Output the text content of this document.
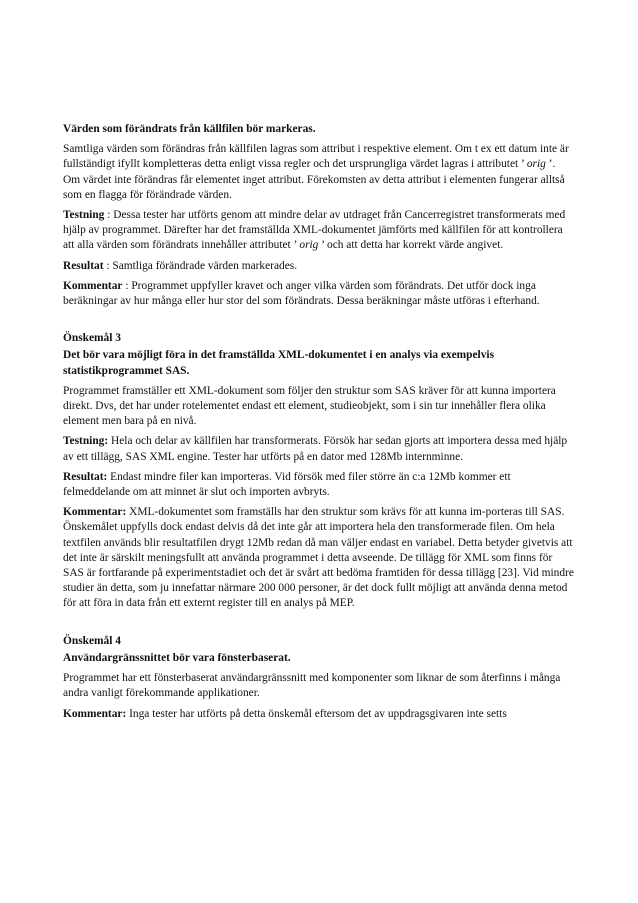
Värden som förändrats från källfilen bör markeras.

Samtliga värden som förändras från källfilen lagras som attribut i respektive element. Om t ex ett datum inte är fullständigt ifyllt kompletteras detta enligt vissa regler och det ursprungliga värdet lagras i attributet ’ orig ’. Om värdet inte förändras får elementet inget attribut. Förekomsten av detta attribut i elementen fungerar alltså som en flagga för förändrade värden.

Testning : Dessa tester har utförts genom att mindre delar av utdraget från Cancerregistret transformerats med hjälp av programmet. Därefter har det framställda XML-dokumentet jämförts med källfilen för att kontrollera att alla värden som förändrats innehåller attributet ’ orig ’ och att detta har korrekt värde angivet.

Resultat : Samtliga förändrade värden markerades.

Kommentar : Programmet uppfyller kravet och anger vilka värden som förändrats. Det utför dock inga beräkningar av hur många eller hur stor del som förändrats. Dessa beräkningar måste utföras i efterhand.

Önskemål 3

Det bör vara möjligt föra in det framställda XML-dokumentet i en analys via exempelvis statistikprogrammet SAS.

Programmet framställer ett XML-dokument som följer den struktur som SAS kräver för att kunna importera direkt. Dvs, det har under rotelementet endast ett element, studieobjekt, som i sin tur innehåller flera olika element men bara på en nivå.

Testning: Hela och delar av källfilen har transformerats. Försök har sedan gjorts att importera dessa med hjälp av ett tillägg, SAS XML engine. Tester har utförts på en dator med 128Mb internminne.

Resultat: Endast mindre filer kan importeras. Vid försök med filer större än c:a 12Mb kommer ett felmeddelande om att minnet är slut och importen avbryts.

Kommentar: XML-dokumentet som framställs har den struktur som krävs för att kunna im-porteras till SAS. Önskemålet uppfylls dock endast delvis då det inte går att importera hela den transformerade filen. Om hela textfilen används blir resultatfilen drygt 12Mb redan då man väljer endast en variabel. Detta betyder givetvis att det inte är särskilt meningsfullt att använda programmet i detta avseende. De tillägg för XML som finns för SAS är fortfarande på experimentstadiet och det är svårt att bedöma framtiden för dessa tillägg [23]. Vid mindre studier än detta, som ju innefattar närmare 200 000 personer, är det dock fullt möjligt att använda denna metod för att föra in data från ett externt register till en analys på MEP.

Önskemål 4

Användargränssnittet bör vara fönsterbaserat.

Programmet har ett fönsterbaserat användargränssnitt med komponenter som liknar de som återfinns i många andra vanligt förekommande applikationer.

Kommentar: Inga tester har utförts på detta önskemål eftersom det av uppdragsgivaren inte setts
